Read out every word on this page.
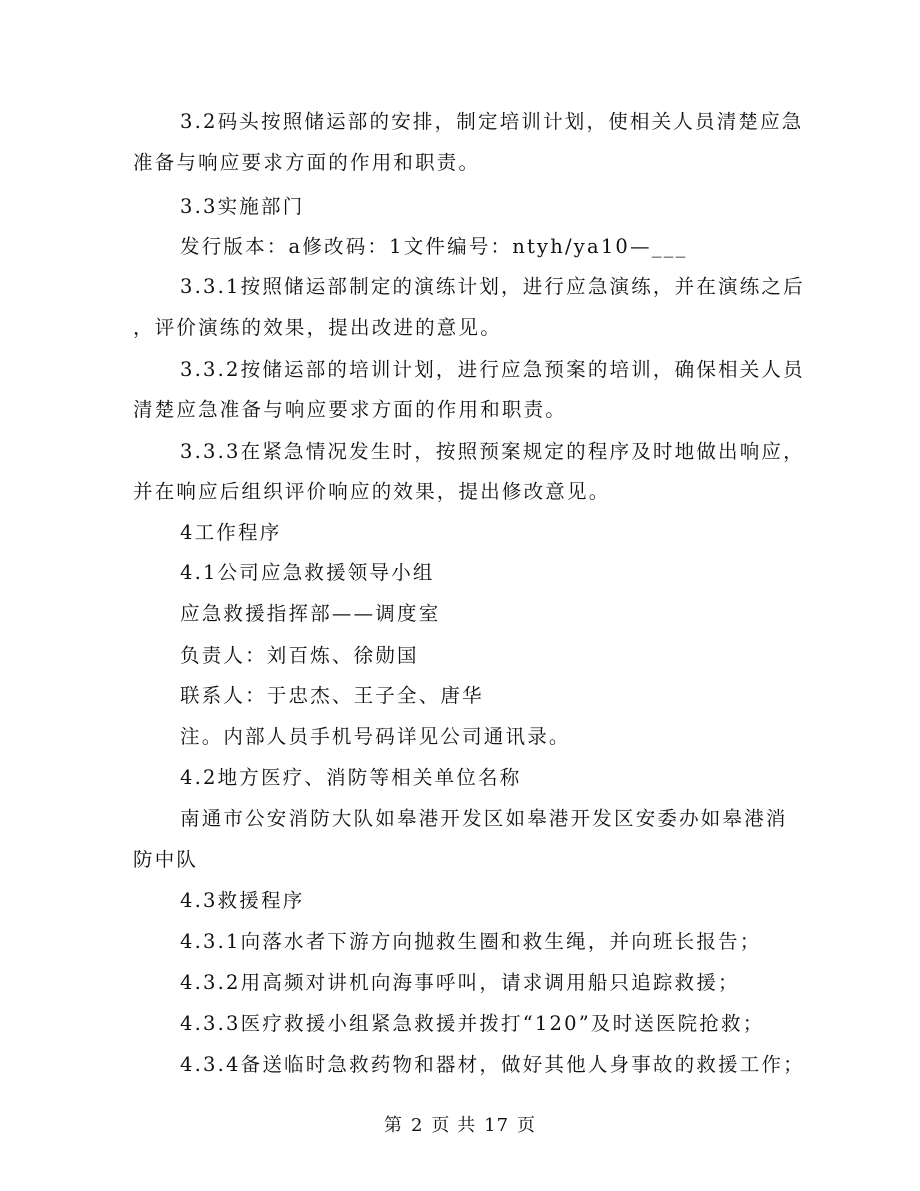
3.2码头按照储运部的安排，制定培训计划，使相关人员清楚应急
准备与响应要求方面的作用和职责。
3.3实施部门
发行版本：a修改码：1文件编号：ntyh/ya10—___
3.3.1按照储运部制定的演练计划，进行应急演练，并在演练之后
，评价演练的效果，提出改进的意见。
3.3.2按储运部的培训计划，进行应急预案的培训，确保相关人员
清楚应急准备与响应要求方面的作用和职责。
3.3.3在紧急情况发生时，按照预案规定的程序及时地做出响应，
并在响应后组织评价响应的效果，提出修改意见。
4工作程序
4.1公司应急救援领导小组
应急救援指挥部——调度室
负责人：刘百炼、徐勋国
联系人：于忠杰、王子全、唐华
注。内部人员手机号码详见公司通讯录。
4.2地方医疗、消防等相关单位名称
南通市公安消防大队如皋港开发区如皋港开发区安委办如皋港消
防中队
4.3救援程序
4.3.1向落水者下游方向抛救生圈和救生绳，并向班长报告；
4.3.2用高频对讲机向海事呼叫，请求调用船只追踪救援；
4.3.3医疗救援小组紧急救援并拨打“120”及时送医院抢救；
4.3.4备送临时急救药物和器材，做好其他人身事故的救援工作；
第 2 页 共 17 页
